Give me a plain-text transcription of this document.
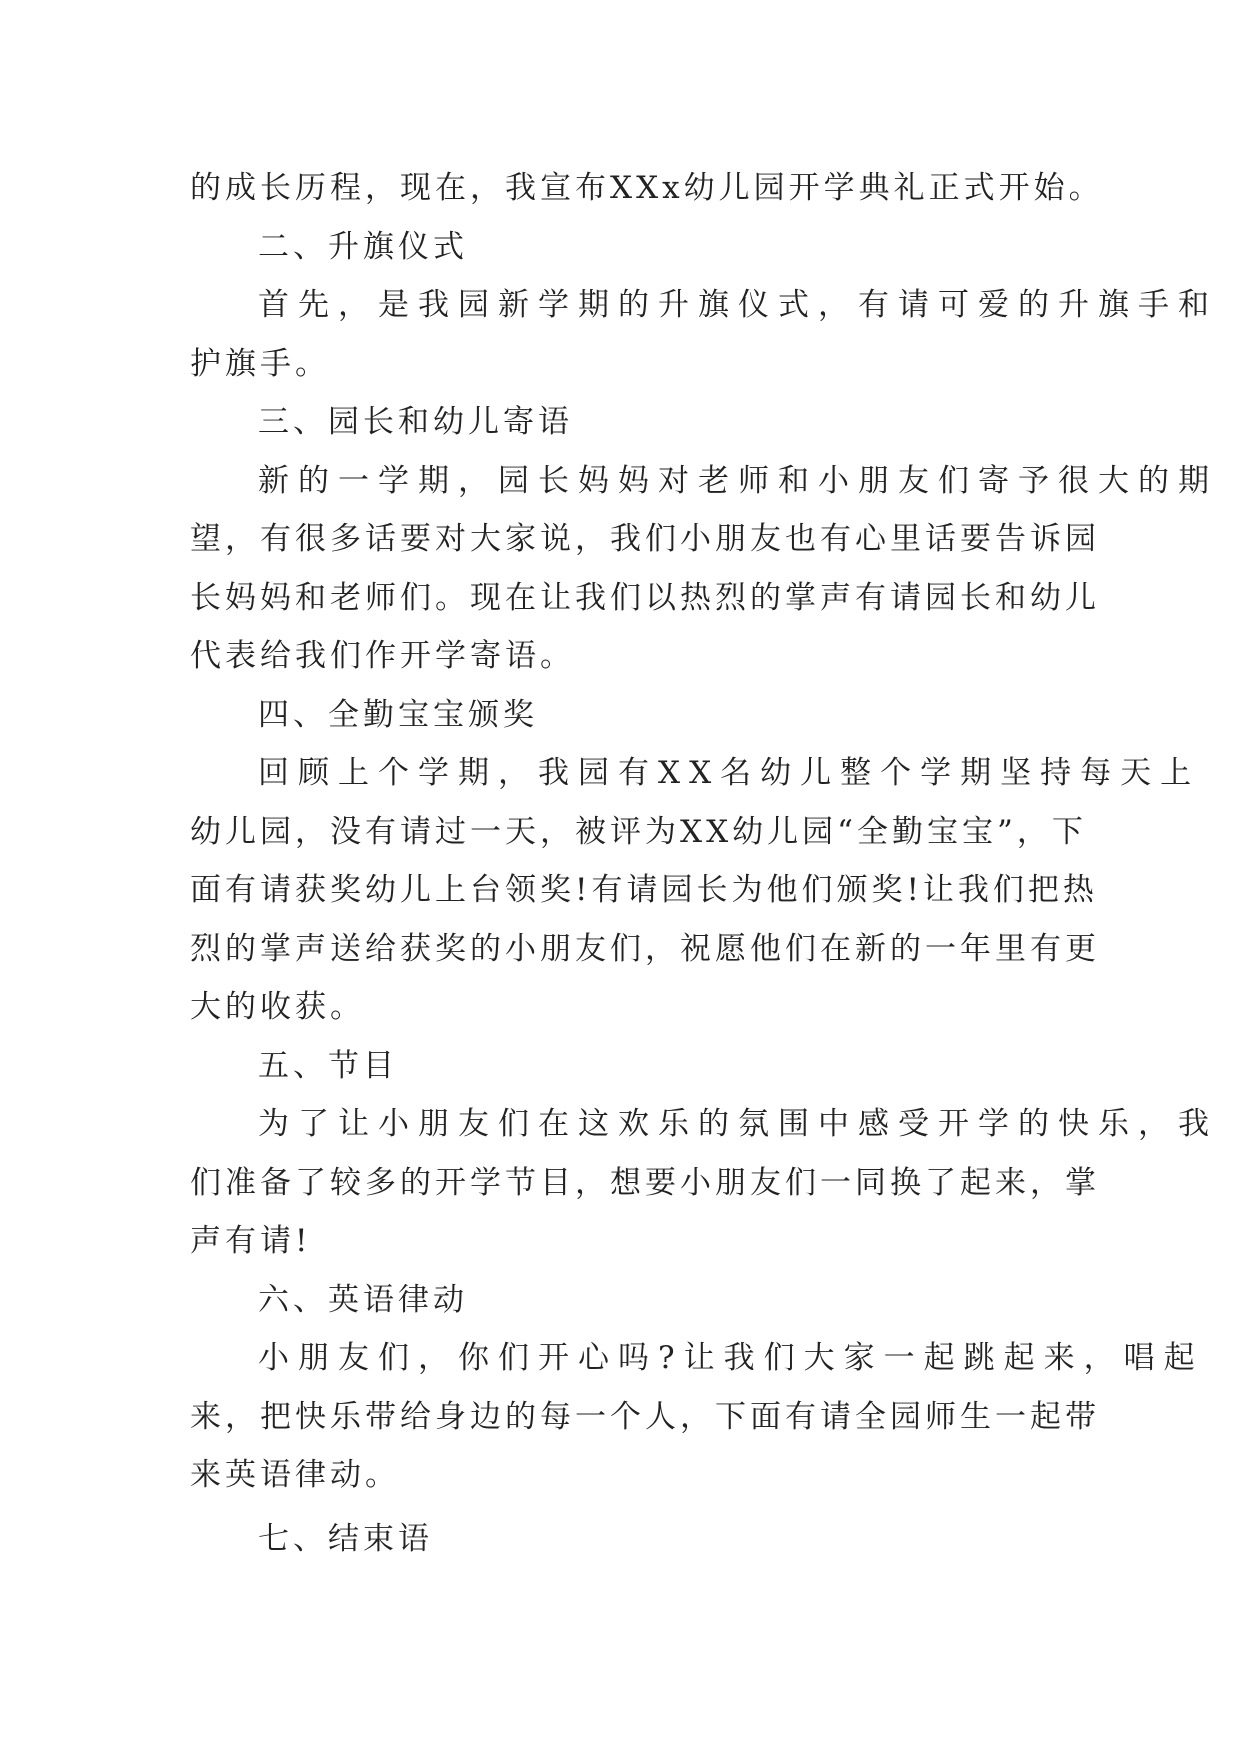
的成长历程，现在，我宣布XXx幼儿园开学典礼正式开始。

二、升旗仪式

首先，是我园新学期的升旗仪式，有请可爱的升旗手和

护旗手。

三、园长和幼儿寄语

新的一学期，园长妈妈对老师和小朋友们寄予很大的期

望，有很多话要对大家说，我们小朋友也有心里话要告诉园

长妈妈和老师们。现在让我们以热烈的掌声有请园长和幼儿

代表给我们作开学寄语。

四、全勤宝宝颁奖

回顾上个学期，我园有XX名幼儿整个学期坚持每天上

幼儿园，没有请过一天，被评为XX幼儿园“全勤宝宝”，下

面有请获奖幼儿上台领奖!有请园长为他们颁奖!让我们把热

烈的掌声送给获奖的小朋友们，祝愿他们在新的一年里有更

大的收获。

五、节目

为了让小朋友们在这欢乐的氛围中感受开学的快乐，我

们准备了较多的开学节目，想要小朋友们一同换了起来，掌

声有请!

六、英语律动

小朋友们，你们开心吗?让我们大家一起跳起来，唱起

来，把快乐带给身边的每一个人，下面有请全园师生一起带

来英语律动。

七、结束语
